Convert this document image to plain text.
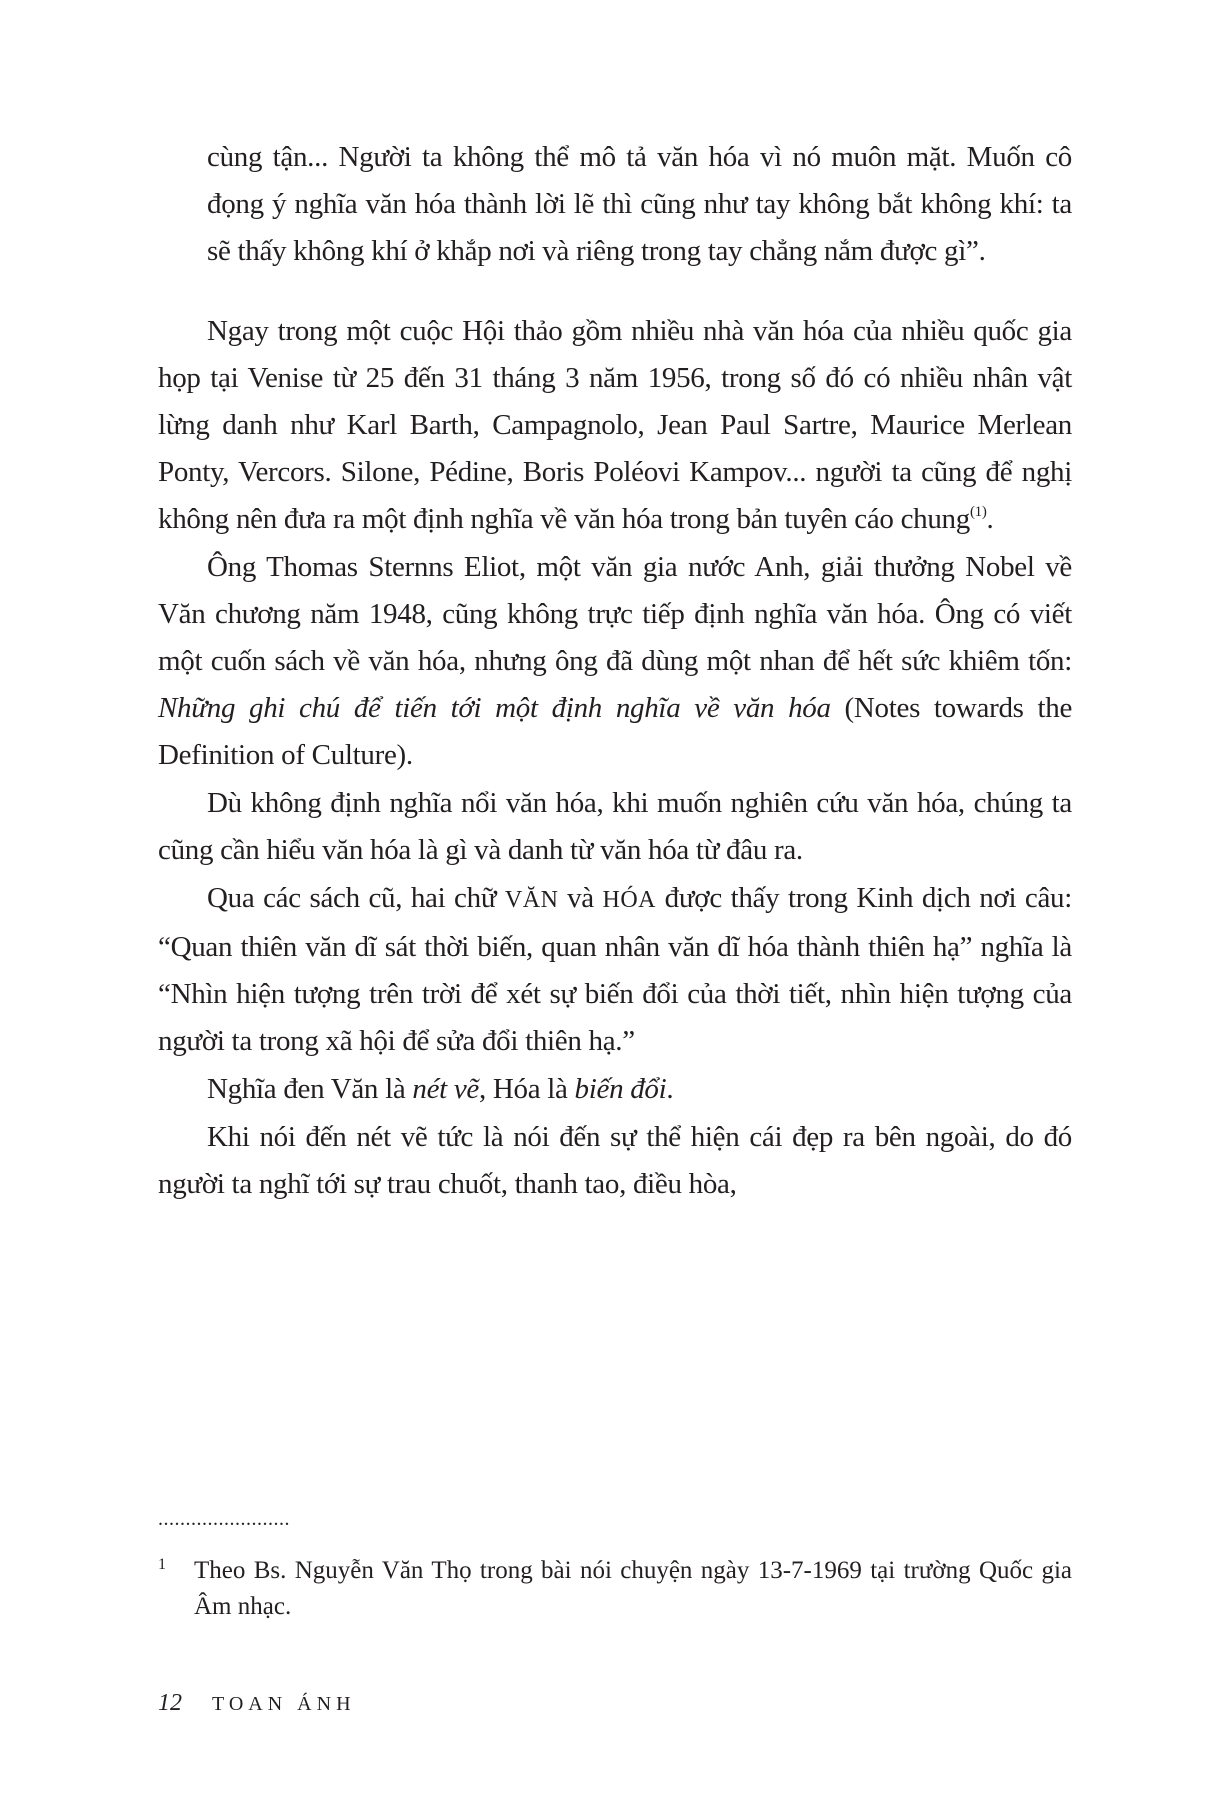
cùng tận... Người ta không thể mô tả văn hóa vì nó muôn mặt. Muốn cô đọng ý nghĩa văn hóa thành lời lẽ thì cũng như tay không bắt không khí: ta sẽ thấy không khí ở khắp nơi và riêng trong tay chẳng nắm được gì”.

Ngay trong một cuộc Hội thảo gồm nhiều nhà văn hóa của nhiều quốc gia họp tại Venise từ 25 đến 31 tháng 3 năm 1956, trong số đó có nhiều nhân vật lừng danh như Karl Barth, Campagnolo, Jean Paul Sartre, Maurice Merlean Ponty, Vercors. Silone, Pédine, Boris Poléovi Kampov... người ta cũng để nghị không nên đưa ra một định nghĩa về văn hóa trong bản tuyên cáo chung$^{(1)}$.

Ông Thomas Sternns Eliot, một văn gia nước Anh, giải thưởng Nobel về Văn chương năm 1948, cũng không trực tiếp định nghĩa văn hóa. Ông có viết một cuốn sách về văn hóa, nhưng ông đã dùng một nhan để hết sức khiêm tốn: Những ghi chú để tiến tới một định nghĩa về văn hóa (Notes towards the Definition of Culture).

Dù không định nghĩa nổi văn hóa, khi muốn nghiên cứu văn hóa, chúng ta cũng cần hiểu văn hóa là gì và danh từ văn hóa từ đâu ra.

Qua các sách cũ, hai chữ VĂN và HÓA được thấy trong Kinh dịch nơi câu: “Quan thiên văn dĩ sát thời biến, quan nhân văn dĩ hóa thành thiên hạ” nghĩa là “Nhìn hiện tượng trên trời để xét sự biến đổi của thời tiết, nhìn hiện tượng của người ta trong xã hội để sửa đổi thiên hạ.”

Nghĩa đen Văn là nét vẽ, Hóa là biến đổi.

Khi nói đến nét vẽ tức là nói đến sự thể hiện cái đẹp ra bên ngoài, do đó người ta nghĩ tới sự trau chuốt, thanh tao, điều hòa,

........................
1	Theo Bs. Nguyễn Văn Thọ trong bài nói chuyện ngày 13-7-1969 tại trường Quốc gia Âm nhạc.
12 TOAN ÁNH
